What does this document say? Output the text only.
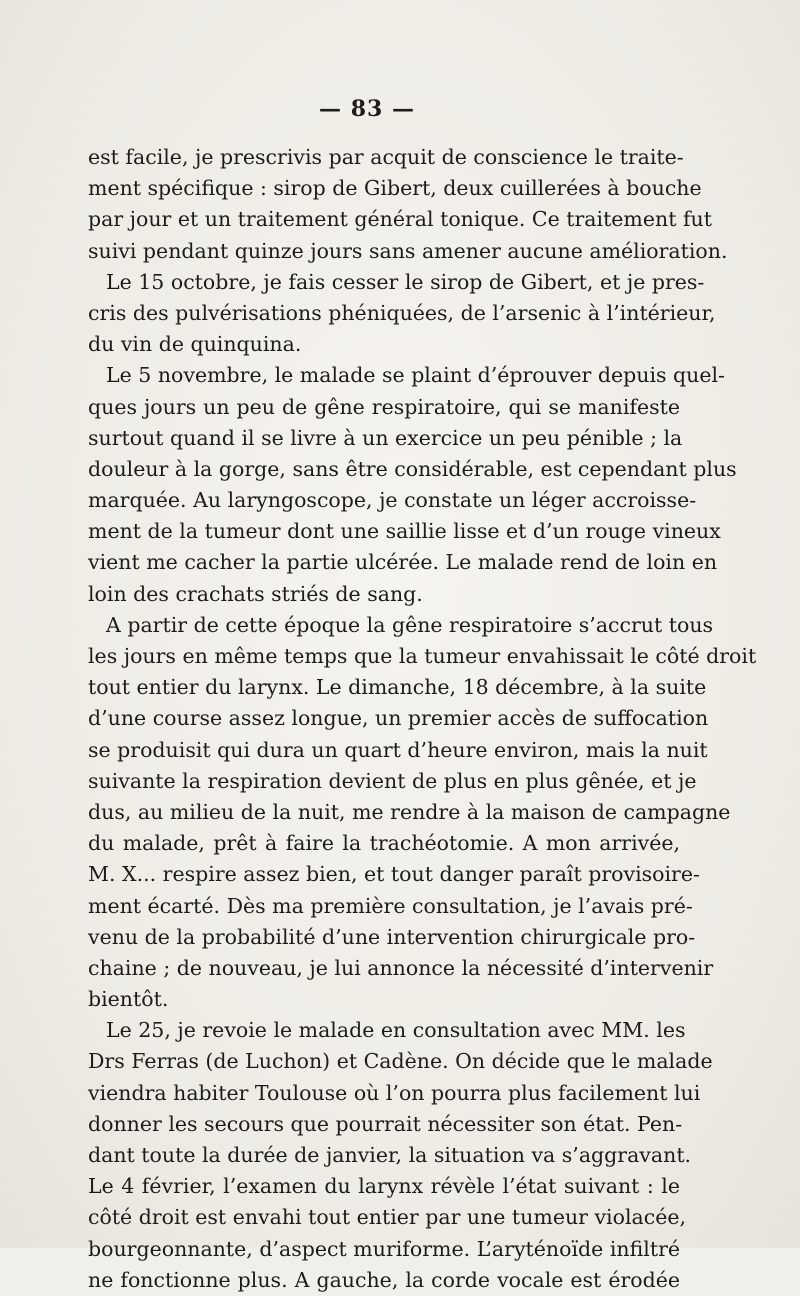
— 83 —
est facile, je prescrivis par acquit de conscience le traite-
ment spécifique : sirop de Gibert, deux cuillerées à bouche
par jour et un traitement général tonique. Ce traitement fut
suivi pendant quinze jours sans amener aucune amélioration.
Le 15 octobre, je fais cesser le sirop de Gibert, et je pres-
cris des pulvérisations phéniquées, de l’arsenic à l’intérieur,
du vin de quinquina.
Le 5 novembre, le malade se plaint d’éprouver depuis quel-
ques jours un peu de gêne respiratoire, qui se manifeste
surtout quand il se livre à un exercice un peu pénible ; la
douleur à la gorge, sans être considérable, est cependant plus
marquée. Au laryngoscope, je constate un léger accroisse-
ment de la tumeur dont une saillie lisse et d’un rouge vineux
vient me cacher la partie ulcérée. Le malade rend de loin en
loin des crachats striés de sang.
A partir de cette époque la gêne respiratoire s’accrut tous
les jours en même temps que la tumeur envahissait le côté droit
tout entier du larynx. Le dimanche, 18 décembre, à la suite
d’une course assez longue, un premier accès de suffocation
se produisit qui dura un quart d’heure environ, mais la nuit
suivante la respiration devient de plus en plus gênée, et je
dus, au milieu de la nuit, me rendre à la maison de campagne
du malade, prêt à faire la trachéotomie. A mon arrivée,
M. X... respire assez bien, et tout danger paraît provisoire-
ment écarté. Dès ma première consultation, je l’avais pré-
venu de la probabilité d’une intervention chirurgicale pro-
chaine ; de nouveau, je lui annonce la nécessité d’intervenir
bientôt.
Le 25, je revoie le malade en consultation avec MM. les
Drs Ferras (de Luchon) et Cadène. On décide que le malade
viendra habiter Toulouse où l’on pourra plus facilement lui
donner les secours que pourrait nécessiter son état. Pen-
dant toute la durée de janvier, la situation va s’aggravant.
Le 4 février, l’examen du larynx révèle l’état suivant : le
côté droit est envahi tout entier par une tumeur violacée,
bourgeonnante, d’aspect muriforme. L’aryténoïde infiltré
ne fonctionne plus. A gauche, la corde vocale est érodée
